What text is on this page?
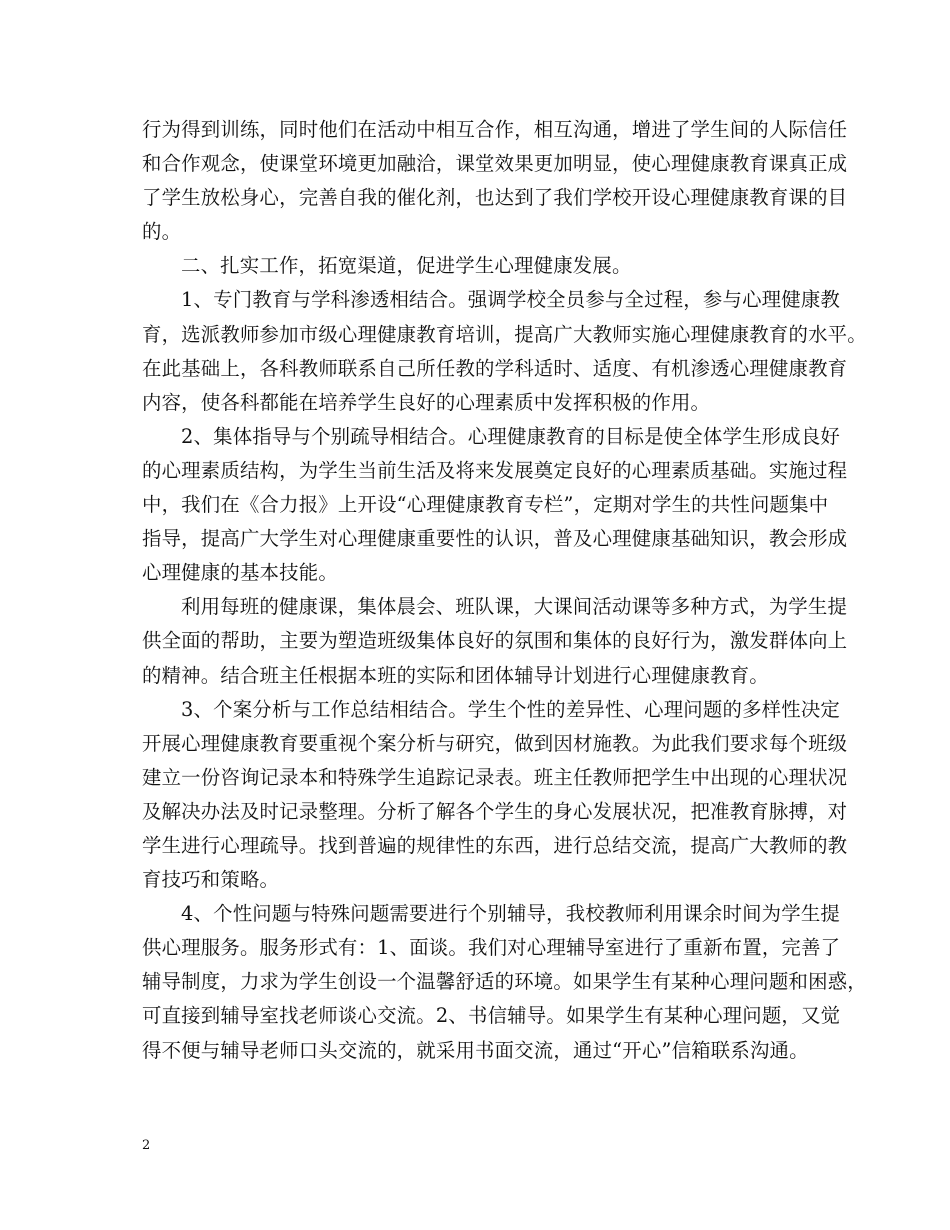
行为得到训练，同时他们在活动中相互合作，相互沟通，增进了学生间的人际信任
和合作观念，使课堂环境更加融洽，课堂效果更加明显，使心理健康教育课真正成
了学生放松身心，完善自我的催化剂，也达到了我们学校开设心理健康教育课的目
的。

二、扎实工作，拓宽渠道，促进学生心理健康发展。

1、专门教育与学科渗透相结合。强调学校全员参与全过程，参与心理健康教
育，选派教师参加市级心理健康教育培训，提高广大教师实施心理健康教育的水平。
在此基础上，各科教师联系自己所任教的学科适时、适度、有机渗透心理健康教育
内容，使各科都能在培养学生良好的心理素质中发挥积极的作用。

2、集体指导与个别疏导相结合。心理健康教育的目标是使全体学生形成良好
的心理素质结构，为学生当前生活及将来发展奠定良好的心理素质基础。实施过程
中，我们在《合力报》上开设“心理健康教育专栏”，定期对学生的共性问题集中
指导，提高广大学生对心理健康重要性的认识，普及心理健康基础知识，教会形成
心理健康的基本技能。

利用每班的健康课，集体晨会、班队课，大课间活动课等多种方式，为学生提
供全面的帮助，主要为塑造班级集体良好的氛围和集体的良好行为，激发群体向上
的精神。结合班主任根据本班的实际和团体辅导计划进行心理健康教育。

3、个案分析与工作总结相结合。学生个性的差异性、心理问题的多样性决定
开展心理健康教育要重视个案分析与研究，做到因材施教。为此我们要求每个班级
建立一份咨询记录本和特殊学生追踪记录表。班主任教师把学生中出现的心理状况
及解决办法及时记录整理。分析了解各个学生的身心发展状况，把准教育脉搏，对
学生进行心理疏导。找到普遍的规律性的东西，进行总结交流，提高广大教师的教
育技巧和策略。

4、个性问题与特殊问题需要进行个别辅导，我校教师利用课余时间为学生提
供心理服务。服务形式有：1、面谈。我们对心理辅导室进行了重新布置，完善了
辅导制度，力求为学生创设一个温馨舒适的环境。如果学生有某种心理问题和困惑，
可直接到辅导室找老师谈心交流。2、书信辅导。如果学生有某种心理问题，又觉
得不便与辅导老师口头交流的，就采用书面交流，通过“开心”信箱联系沟通。

2
